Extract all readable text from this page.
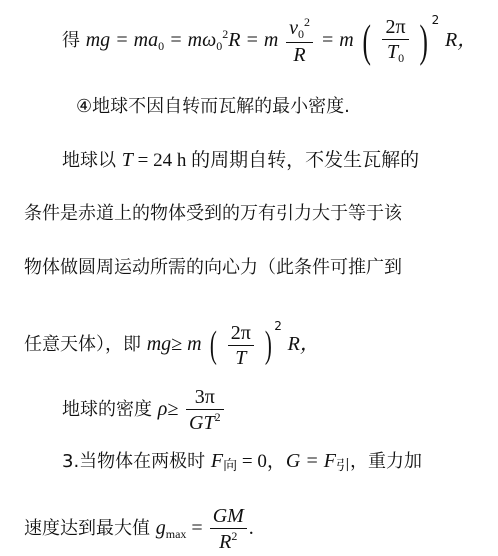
得 mg = $ma_0 = m\omega_0^2R = m \frac{v_0^2}{R} = m$ ( $\frac{2\pi}{T_0}$ ) $^2$ R，
④地球不因自转而瓦解的最小密度.
地球以 T = 24 h 的周期自转，不发生瓦解的
条件是赤道上的物体受到的万有引力大于等于该
物体做圆周运动所需的向心力（此条件可推广到
任意天体），即 mg≥ m ( $\frac{2\pi}{T}$ ) $^2$ R，
地球的密度 $\rho\ge \frac{3\pi}{GT^2}$
3.当物体在两极时 F向 = 0，G = F引，重力加
速度达到最大值 $g_{max} = \frac{GM}{R^2}$ .
